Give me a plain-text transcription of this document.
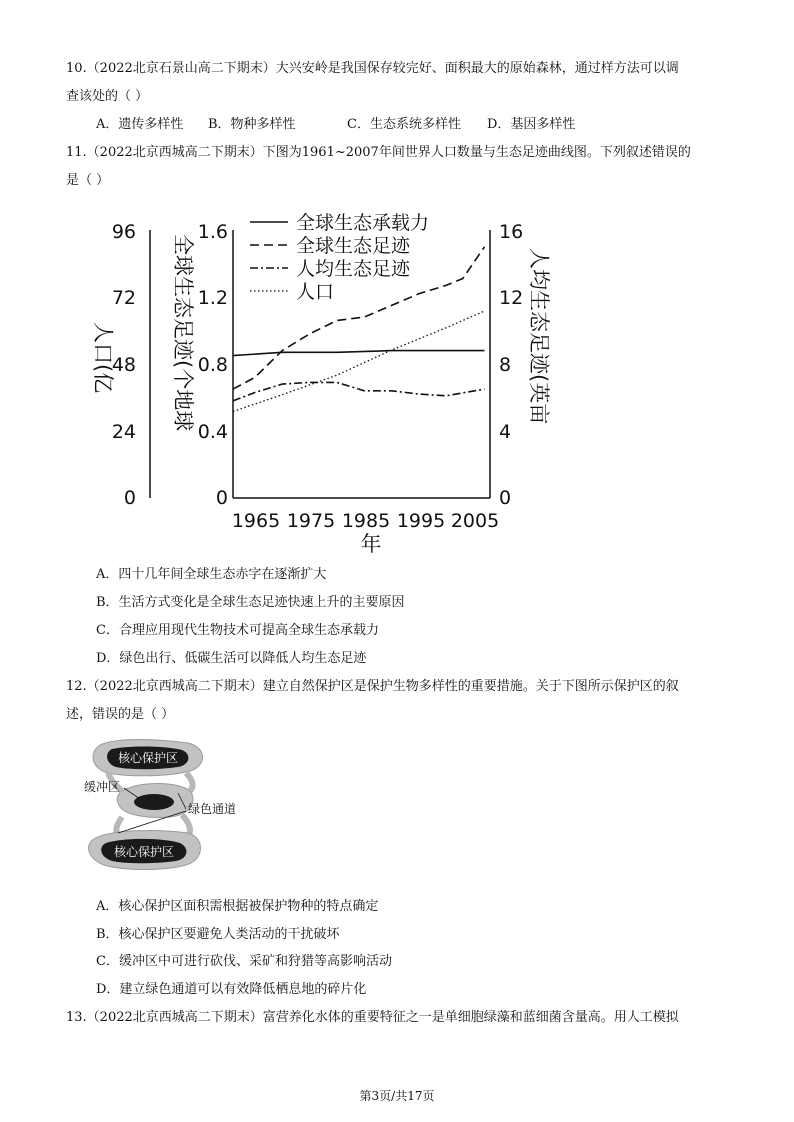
10.（2022北京石景山高二下期末）大兴安岭是我国保存较完好、面积最大的原始森林，通过样方法可以调
查该处的（ ）
A．遗传多样性 B．物种多样性	C．生态系统多样性 D．基因多样性
11.（2022北京西城高二下期末）下图为1961~2007年间世界人口数量与生态足迹曲线图。下列叙述错误的
是（ ）
96
72
48
24
0
1.6
1.2
0.8
0.4
0
16
12
8
4
0
1965 1975 1985 1995 2005
年
人口(亿	全球生态足迹(个地球	人均生态足迹(英亩
全球生态承载力
全球生态足迹
人均生态足迹
人口
A．四十几年间全球生态赤字在逐渐扩大
B．生活方式变化是全球生态足迹快速上升的主要原因
C．合理应用现代生物技术可提高全球生态承载力
D．绿色出行、低碳生活可以降低人均生态足迹
12.（2022北京西城高二下期末）建立自然保护区是保护生物多样性的重要措施。关于下图所示保护区的叙
述，错误的是（ ）
核心保护区
核心保护区
缓冲区
绿色通道
A．核心保护区面积需根据被保护物种的特点确定
B．核心保护区要避免人类活动的干扰破坏
C．缓冲区中可进行砍伐、采矿和狩猎等高影响活动
D．建立绿色通道可以有效降低栖息地的碎片化
13.（2022北京西城高二下期末）富营养化水体的重要特征之一是单细胞绿藻和蓝细菌含量高。用人工模拟
第3页/共17页
